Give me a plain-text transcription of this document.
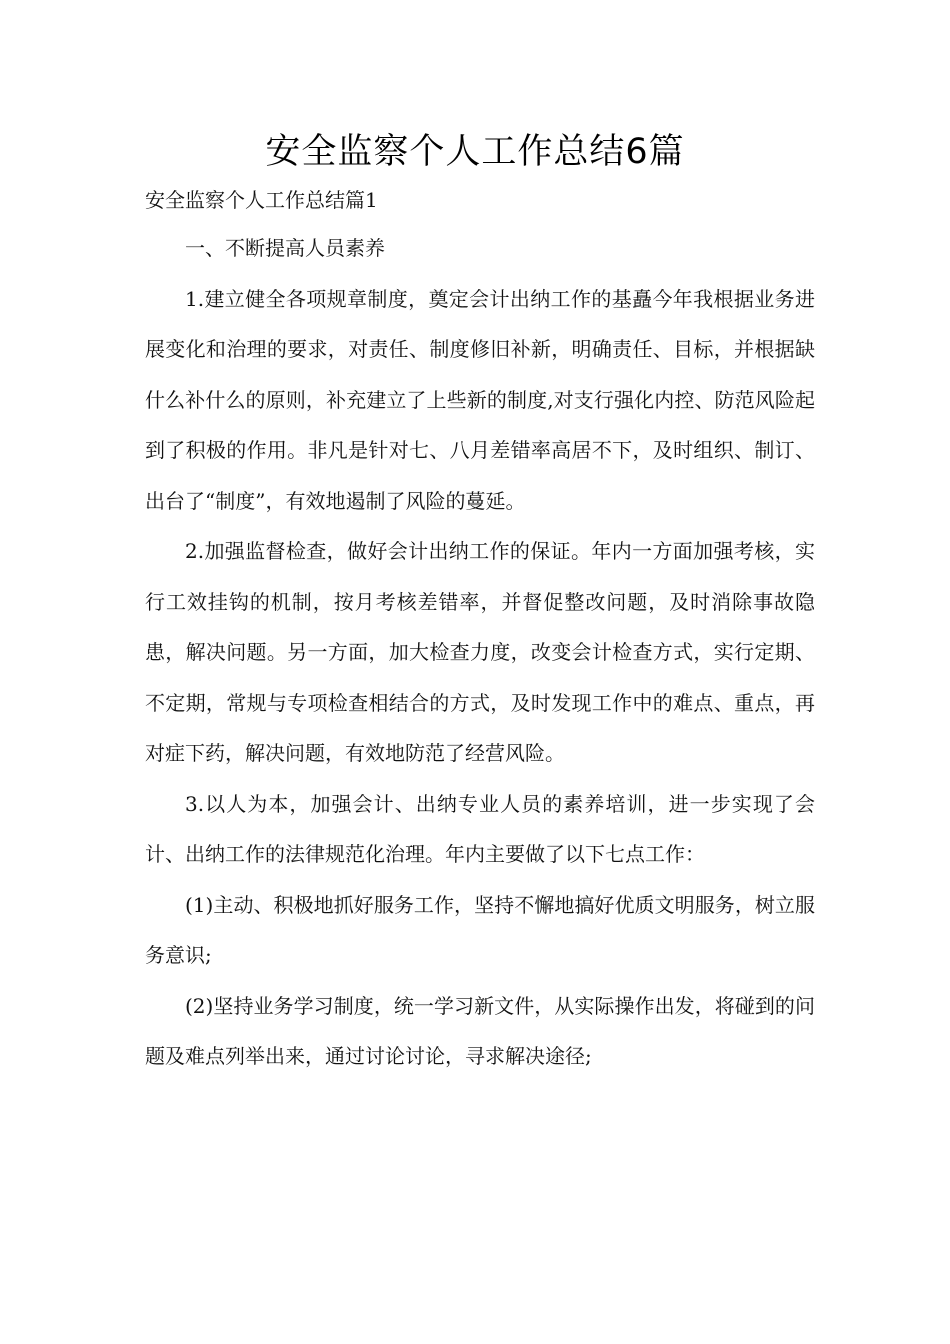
安全监察个人工作总结6篇
安全监察个人工作总结篇1

一、不断提高人员素养

1.建立健全各项规章制度，奠定会计出纳工作的基矗今年我根据业务进展变化和治理的要求，对责任、制度修旧补新，明确责任、目标，并根据缺什么补什么的原则，补充建立了上些新的制度,对支行强化内控、防范风险起到了积极的作用。非凡是针对七、八月差错率高居不下，及时组织、制订、出台了“制度”，有效地遏制了风险的蔓延。

2.加强监督检查，做好会计出纳工作的保证。年内一方面加强考核，实行工效挂钩的机制，按月考核差错率，并督促整改问题，及时消除事故隐患，解决问题。另一方面，加大检查力度，改变会计检查方式，实行定期、不定期，常规与专项检查相结合的方式，及时发现工作中的难点、重点，再对症下药，解决问题，有效地防范了经营风险。

3.以人为本，加强会计、出纳专业人员的素养培训，进一步实现了会计、出纳工作的法律规范化治理。年内主要做了以下七点工作：

(1)主动、积极地抓好服务工作，坚持不懈地搞好优质文明服务，树立服务意识;

(2)坚持业务学习制度，统一学习新文件，从实际操作出发，将碰到的问题及难点列举出来，通过讨论讨论，寻求解决途径;
